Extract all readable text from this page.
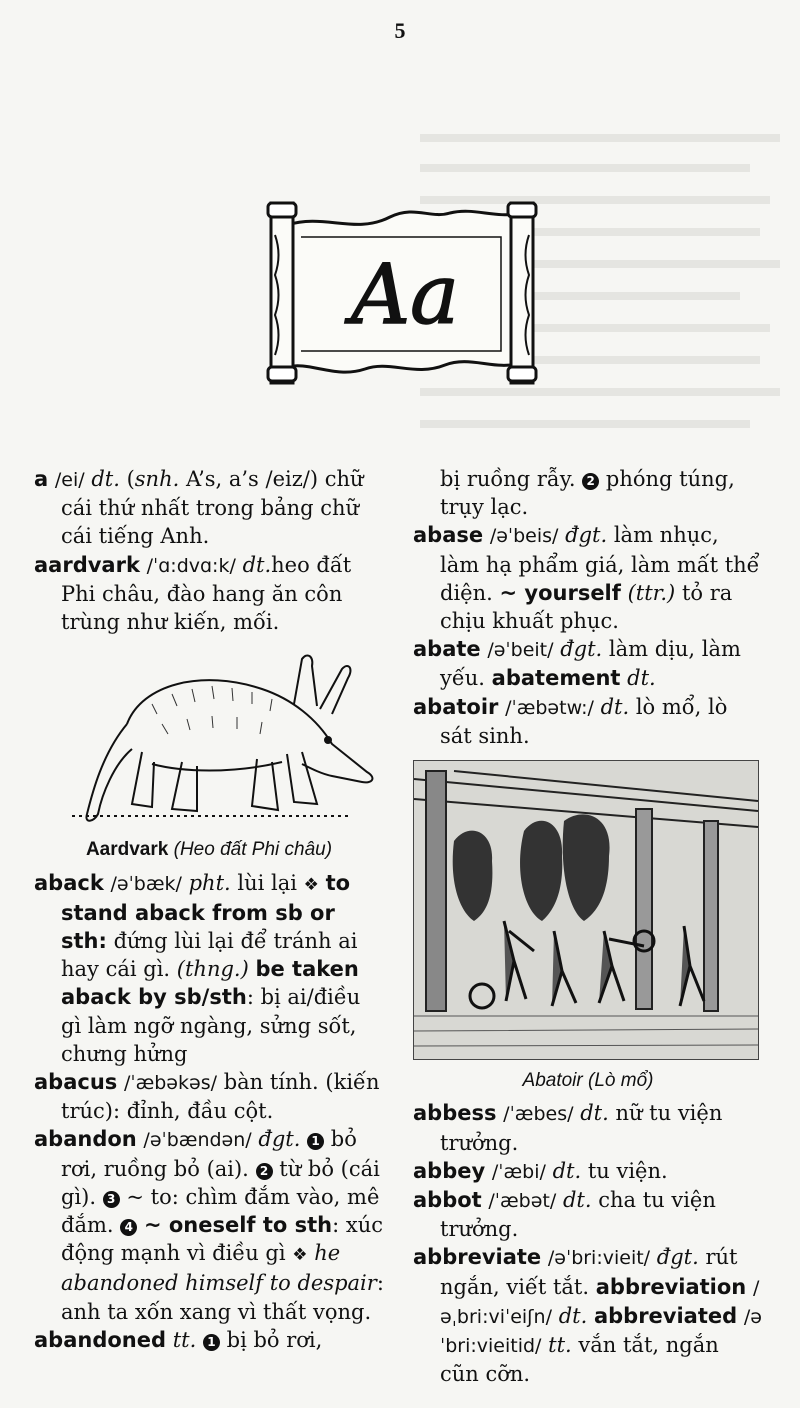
5
Aa

a /ei/ dt. (snh. A’s, a’s /eiz/) chữ cái thứ nhất trong bảng chữ cái tiếng Anh.

aardvark /ˈɑ:dvɑ:k/ dt.heo đất Phi châu, đào hang ăn côn trùng như kiến, mối.

Aardvark (Heo đất Phi châu)

aback /əˈbæk/ pht. lùi lại ❖ to stand aback from sb or sth: đứng lùi lại để tránh ai hay cái gì. (thng.) be taken aback by sb/sth: bị ai/điều gì làm ngỡ ngàng, sửng sốt, chưng hửng

abacus /ˈæbəkəs/ bàn tính. (kiến trúc): đỉnh, đầu cột.

abandon /əˈbændən/ đgt. 1 bỏ rơi, ruồng bỏ (ai). 2 từ bỏ (cái gì). 3 ~ to: chìm đắm vào, mê đắm. 4 ~ oneself to sth: xúc động mạnh vì điều gì ❖ he abandoned himself to despair: anh ta xốn xang vì thất vọng.

abandoned tt. 1 bị bỏ rơi,

bị ruồng rẫy. 2 phóng túng, trụy lạc.

abase /əˈbeis/ đgt. làm nhục, làm hạ phẩm giá, làm mất thể diện. ~ yourself (ttr.) tỏ ra chịu khuất phục.

abate /əˈbeit/ đgt. làm dịu, làm yếu. abatement dt.

abatoir /ˈæbətw:/ dt. lò mổ, lò sát sinh.

Abatoir (Lò mổ)

abbess /ˈæbes/ dt. nữ tu viện trưởng.

abbey /ˈæbi/ dt. tu viện.

abbot /ˈæbət/ dt. cha tu viện trưởng.

abbreviate /əˈbri:vieit/ đgt. rút ngắn, viết tắt. abbreviation /əˌbri:viˈeiʃn/ dt. abbreviated /əˈbri:vieitid/ tt. vắn tắt, ngắn cũn cỡn.
